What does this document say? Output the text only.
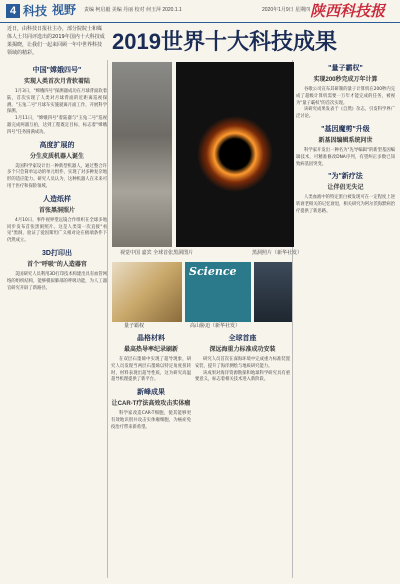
4 科技 视野 责编 柯启毅 美编 丹丽 校对 何玉萍 2020.1.1	2020年1月9日 星期四 陕西科技报
近日，由科技日报社主办，部分院院士和媒体人士共同评选出的2019年国内十大科技成果揭晓，让我们一起来回顾一年中世界科技领域的精彩。	2019世界十大科技成果
视觉中国 嘉宾 全球首张黑洞图片	黑洞照片（新华社发）
Science
量子霸权	高山胁迫（新华社发）
中国"嫦娥四号"
实现人类首次月背软着陆

1月3日，"嫦娥四号"探测器成功在月球背面软着陆，首次实现了人类对月球背面的近距离巡视探测。"玉兔二号"月球车实施驶离月面工作，开展科学探测。

1月11日，"嫦娥四号"着陆器与"玉兔二号"巡视器完成两器互拍，达到工程既定目标，标志着"嫦娥四号"任务圆满成功。

高度扩展的
分生皮质机器人诞生

美国科学家设计出一种新型机器人，通过整合许多个只会简单运动的单元组件，实现了对多种复杂地形的适应能力。研究人员认为，这种机器人在未来可用于医疗和探险领域。

人造纸样
首张黑洞照片

4月10日，事件视界望远镜合作组织在全球多地同步发布首张黑洞照片。这是人类第一次直接"看见"黑洞，验证了爱因斯坦广义相对论在极端条件下仍然成立。

3D打印出
首个"呼吸"的人造器官

美国研究人员利用3D打印技术构建出具有血管网络的组织结构，能够模拟肺部的呼吸功能，为人工器官研究开辟了新路径。

晶格材料
最高热导率纪录刷新

在双层石墨烯中实现了超导现象，研究人员发现当两层石墨烯以特定角度扭转时，材料表现出超导性质，这为研究高温超导机理提供了新平台。

新峰成果
让CAR-T疗法高效攻击实体瘤

科学家改造CAR-T细胞，使其能够更有效地识别并攻击实体瘤细胞，为癌症免疫治疗带来新希望。

全球首座
深远海重力标准成功安装

研究人员首次在深海环境中完成重力标准装置安装，提升了海洋测绘与地质研究能力。

该成果对海洋资源勘探和地球科学研究具有重要意义，标志着相关技术进入新阶段。

"量子霸权"
实现200秒完成万年计算

谷歌公司宣布其研制的量子计算机在200秒内完成了超级计算机需要一万年才能完成的任务，被视为"量子霸权"的首次实现。

该研究成果发表于《自然》杂志，引发科学界广泛讨论。

"基因魔剪"升级
新基因编辑系统问世

科学家开发出一种名为"先导编辑"的新型基因编辑技术，可精准修改DNA序列，有望纠正多数已知致病基因突变。

"为"新疗法
让伴侣无失记

人类血液中的特定蛋白被发现可在一定程度上逆转衰老相关的记忆衰退，相关研究为阿尔茨海默病治疗提供了新思路。
